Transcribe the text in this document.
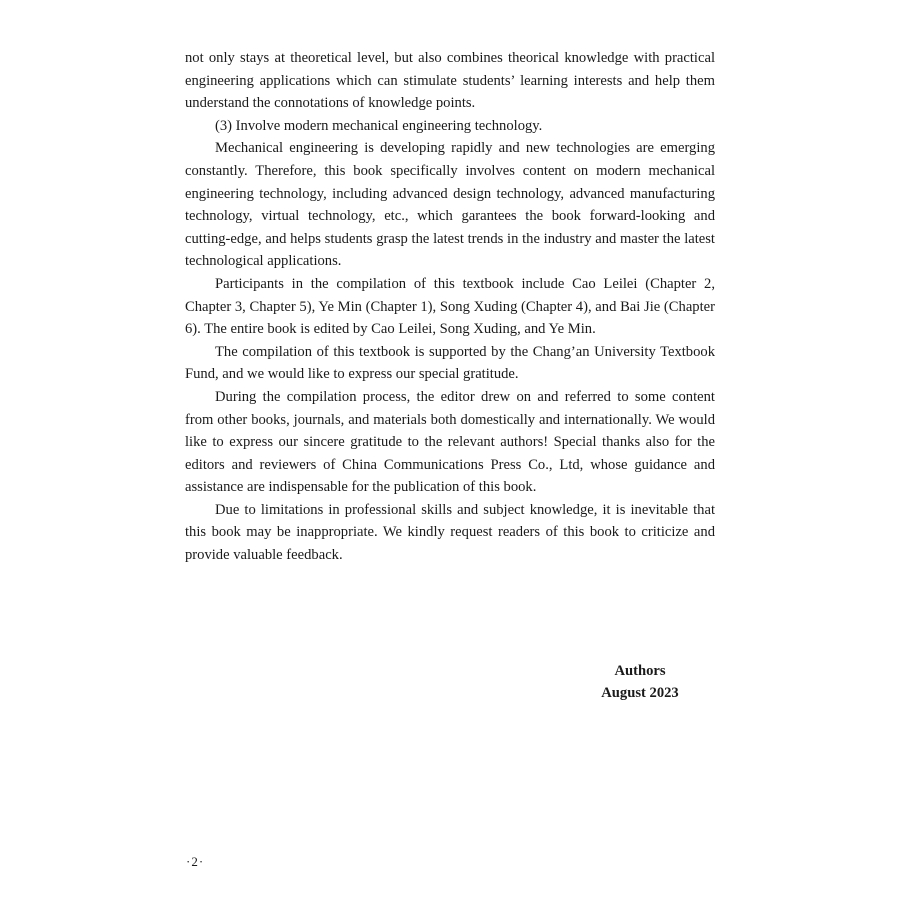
not only stays at theoretical level, but also combines theorical knowledge with practical engineering applications which can stimulate students’ learning interests and help them understand the connotations of knowledge points.

(3) Involve modern mechanical engineering technology.

Mechanical engineering is developing rapidly and new technologies are emerging constantly. Therefore, this book specifically involves content on modern mechanical engineering technology, including advanced design technology, advanced manufacturing technology, virtual technology, etc., which garantees the book forward-looking and cutting-edge, and helps students grasp the latest trends in the industry and master the latest technological applications.

Participants in the compilation of this textbook include Cao Leilei (Chapter 2, Chapter 3, Chapter 5), Ye Min (Chapter 1), Song Xuding (Chapter 4), and Bai Jie (Chapter 6). The entire book is edited by Cao Leilei, Song Xuding, and Ye Min.

The compilation of this textbook is supported by the Chang’an University Textbook Fund, and we would like to express our special gratitude.

During the compilation process, the editor drew on and referred to some content from other books, journals, and materials both domestically and internationally. We would like to express our sincere gratitude to the relevant authors! Special thanks also for the editors and reviewers of China Communications Press Co., Ltd, whose guidance and assistance are indispensable for the publication of this book.

Due to limitations in professional skills and subject knowledge, it is inevitable that this book may be inappropriate. We kindly request readers of this book to criticize and provide valuable feedback.

Authors
August 2023
·2·
